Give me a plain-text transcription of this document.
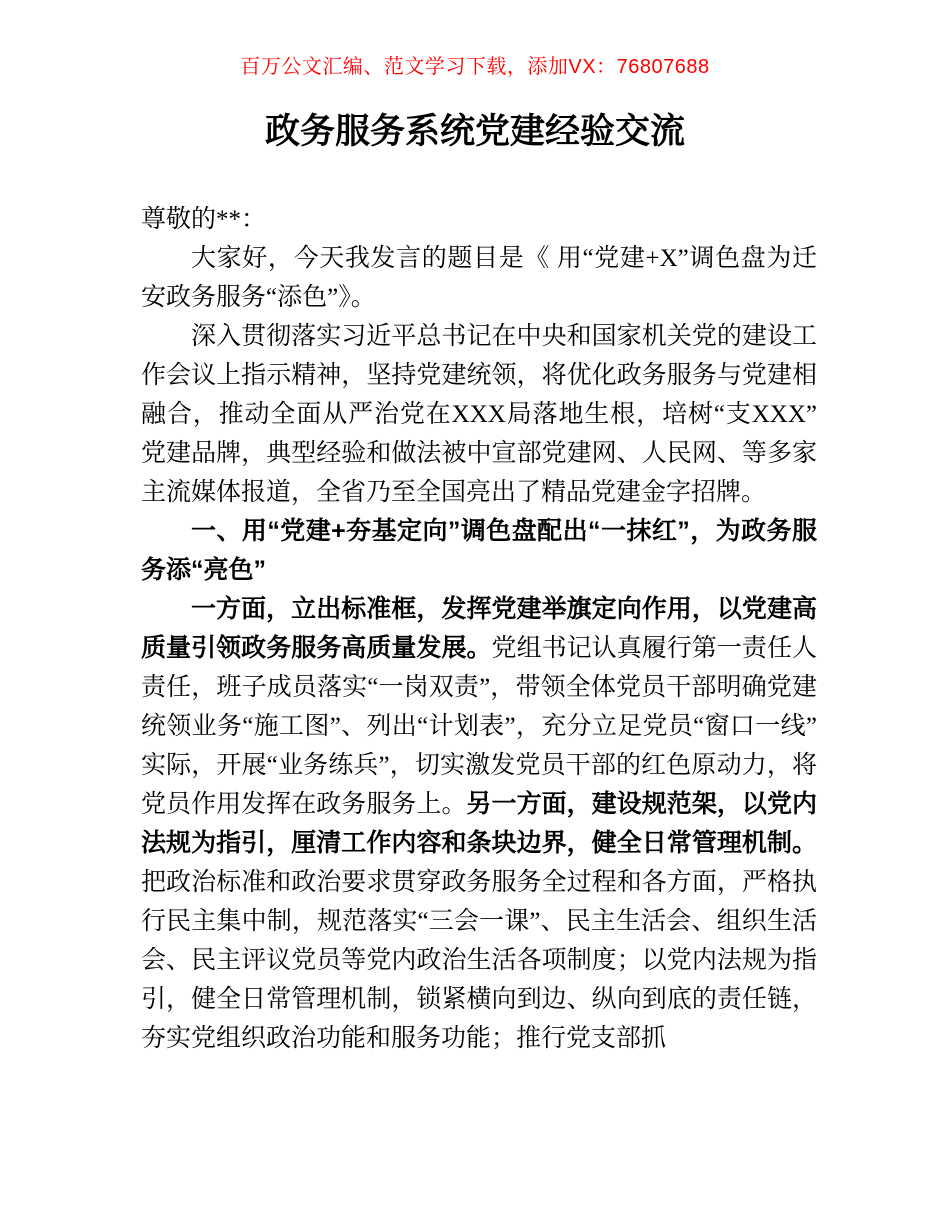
百万公文汇编、范文学习下载，添加VX：76807688
政务服务系统党建经验交流

尊敬的**：

大家好，今天我发言的题目是《 用“党建+X”调色盘为迁安政务服务“添色”》。

深入贯彻落实习近平总书记在中央和国家机关党的建设工作会议上指示精神，坚持党建统领，将优化政务服务与党建相融合，推动全面从严治党在XXX局落地生根，培树“支XXX”党建品牌，典型经验和做法被中宣部党建网、人民网、等多家主流媒体报道，全省乃至全国亮出了精品党建金字招牌。

一、用“党建+夯基定向”调色盘配出“一抹红”，为政务服务添“亮色”

一方面，立出标准框，发挥党建举旗定向作用，以党建高质量引领政务服务高质量发展。党组书记认真履行第一责任人责任，班子成员落实“一岗双责”，带领全体党员干部明确党建统领业务“施工图”、列出“计划表”，充分立足党员“窗口一线”实际，开展“业务练兵”，切实激发党员干部的红色原动力，将党员作用发挥在政务服务上。另一方面，建设规范架，以党内法规为指引，厘清工作内容和条块边界，健全日常管理机制。把政治标准和政治要求贯穿政务服务全过程和各方面，严格执行民主集中制，规范落实“三会一课”、民主生活会、组织生活会、民主评议党员等党内政治生活各项制度；以党内法规为指引，健全日常管理机制，锁紧横向到边、纵向到底的责任链，夯实党组织政治功能和服务功能；推行党支部抓
